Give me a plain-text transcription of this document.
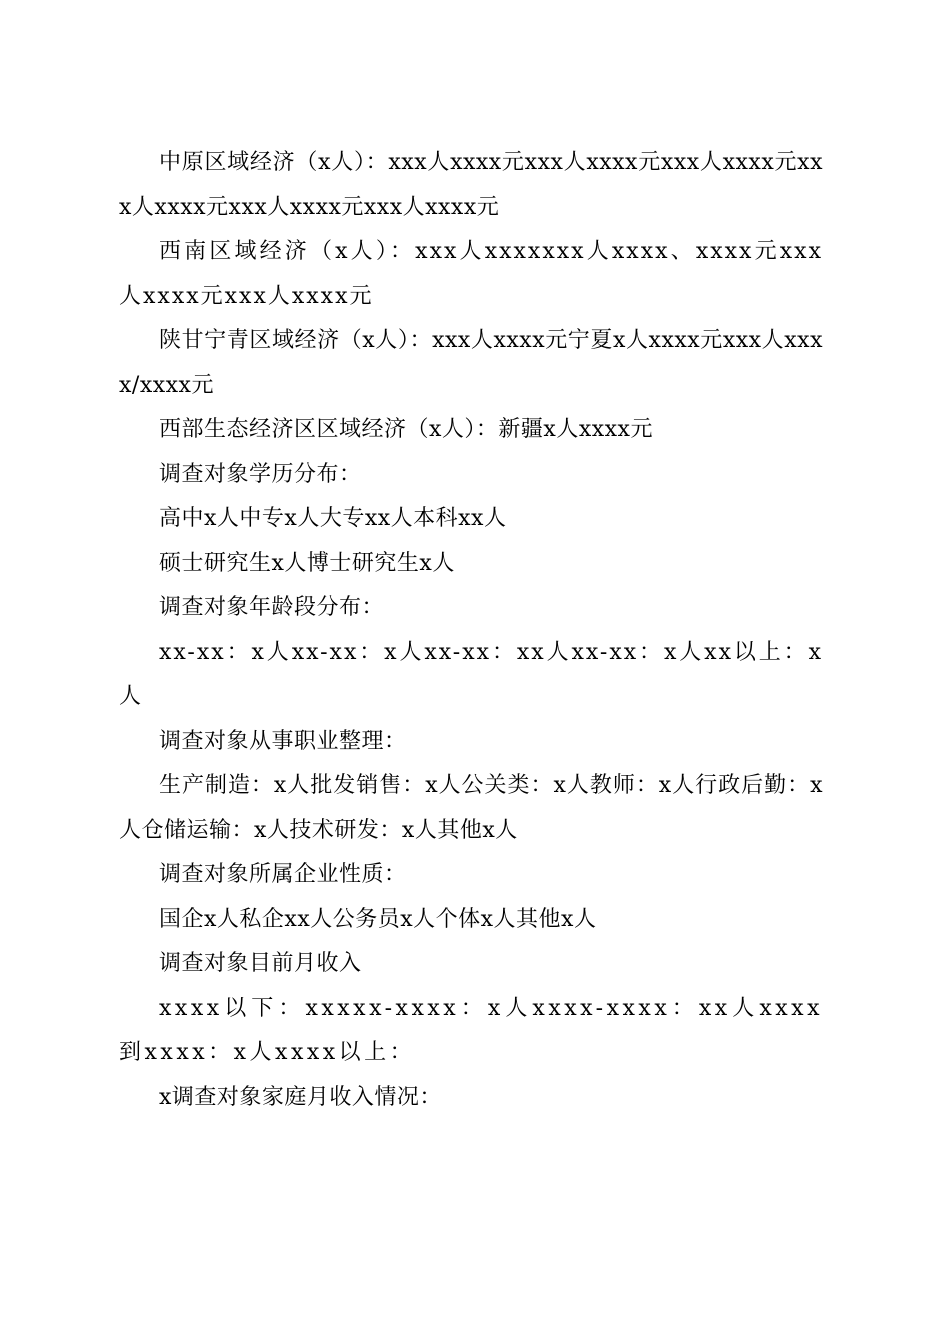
中原区域经济（x人）：xxx人xxxx元xxx人xxxx元xxx人xxxx元xxx人xxxx元xxx人xxxx元xxx人xxxx元

西南区域经济（x人）：xxx人xxxxxxx人xxxx、xxxx元xxx人xxxx元xxx人xxxx元

陕甘宁青区域经济（x人）：xxx人xxxx元宁夏x人xxxx元xxx人xxxx/xxxx元

西部生态经济区区域经济（x人）：新疆x人xxxx元

调查对象学历分布：

高中x人中专x人大专xx人本科xx人

硕士研究生x人博士研究生x人

调查对象年龄段分布：

xx-xx：x人xx-xx：x人xx-xx：xx人xx-xx：x人xx以上：x人

调查对象从事职业整理：

生产制造：x人批发销售：x人公关类：x人教师：x人行政后勤：x人仓储运输：x人技术研发：x人其他x人

调查对象所属企业性质：

国企x人私企xx人公务员x人个体x人其他x人

调查对象目前月收入

xxxx以下：xxxxx-xxxx：x人xxxx-xxxx：xx人xxxx到xxxx：x人xxxx以上：

x调查对象家庭月收入情况：
